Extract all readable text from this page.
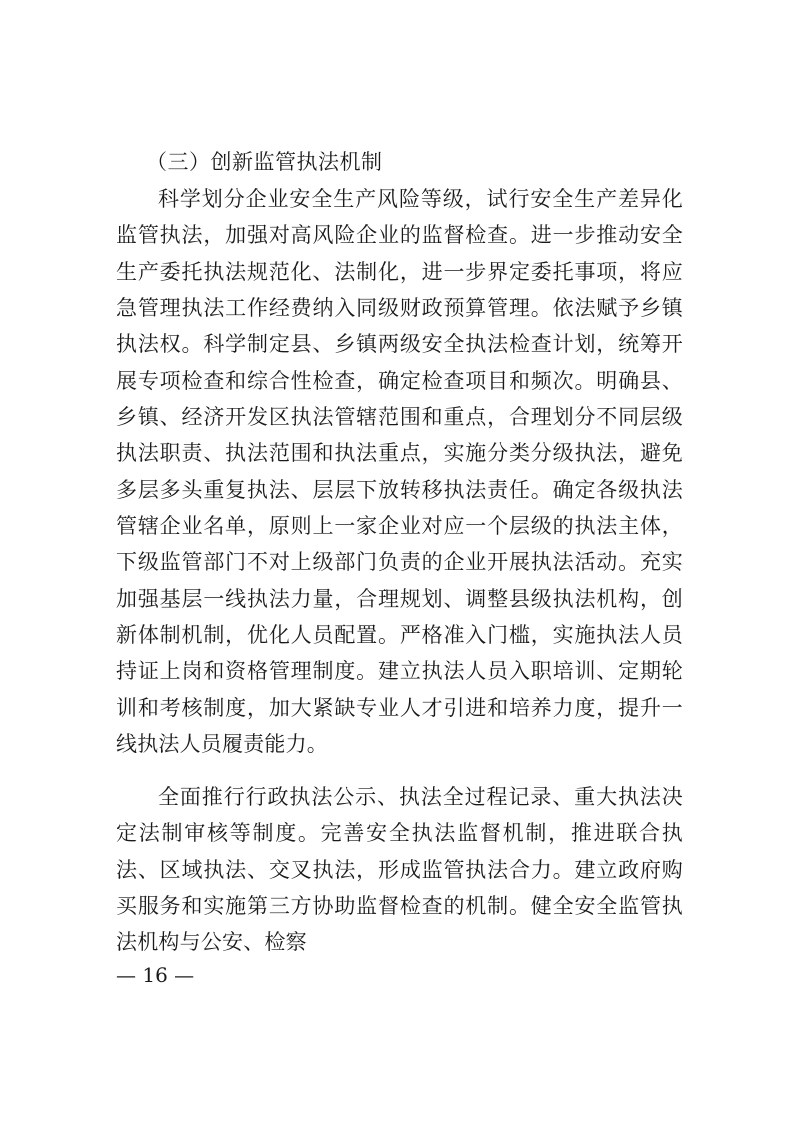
（三）创新监管执法机制

科学划分企业安全生产风险等级，试行安全生产差异化监管执法，加强对高风险企业的监督检查。进一步推动安全生产委托执法规范化、法制化，进一步界定委托事项，将应急管理执法工作经费纳入同级财政预算管理。依法赋予乡镇执法权。科学制定县、乡镇两级安全执法检查计划，统筹开展专项检查和综合性检查，确定检查项目和频次。明确县、乡镇、经济开发区执法管辖范围和重点，合理划分不同层级执法职责、执法范围和执法重点，实施分类分级执法，避免多层多头重复执法、层层下放转移执法责任。确定各级执法管辖企业名单，原则上一家企业对应一个层级的执法主体，下级监管部门不对上级部门负责的企业开展执法活动。充实加强基层一线执法力量，合理规划、调整县级执法机构，创新体制机制，优化人员配置。严格准入门槛，实施执法人员持证上岗和资格管理制度。建立执法人员入职培训、定期轮训和考核制度，加大紧缺专业人才引进和培养力度，提升一线执法人员履责能力。

全面推行行政执法公示、执法全过程记录、重大执法决定法制审核等制度。完善安全执法监督机制，推进联合执法、区域执法、交叉执法，形成监管执法合力。建立政府购买服务和实施第三方协助监督检查的机制。健全安全监管执法机构与公安、检察

— 16 —
